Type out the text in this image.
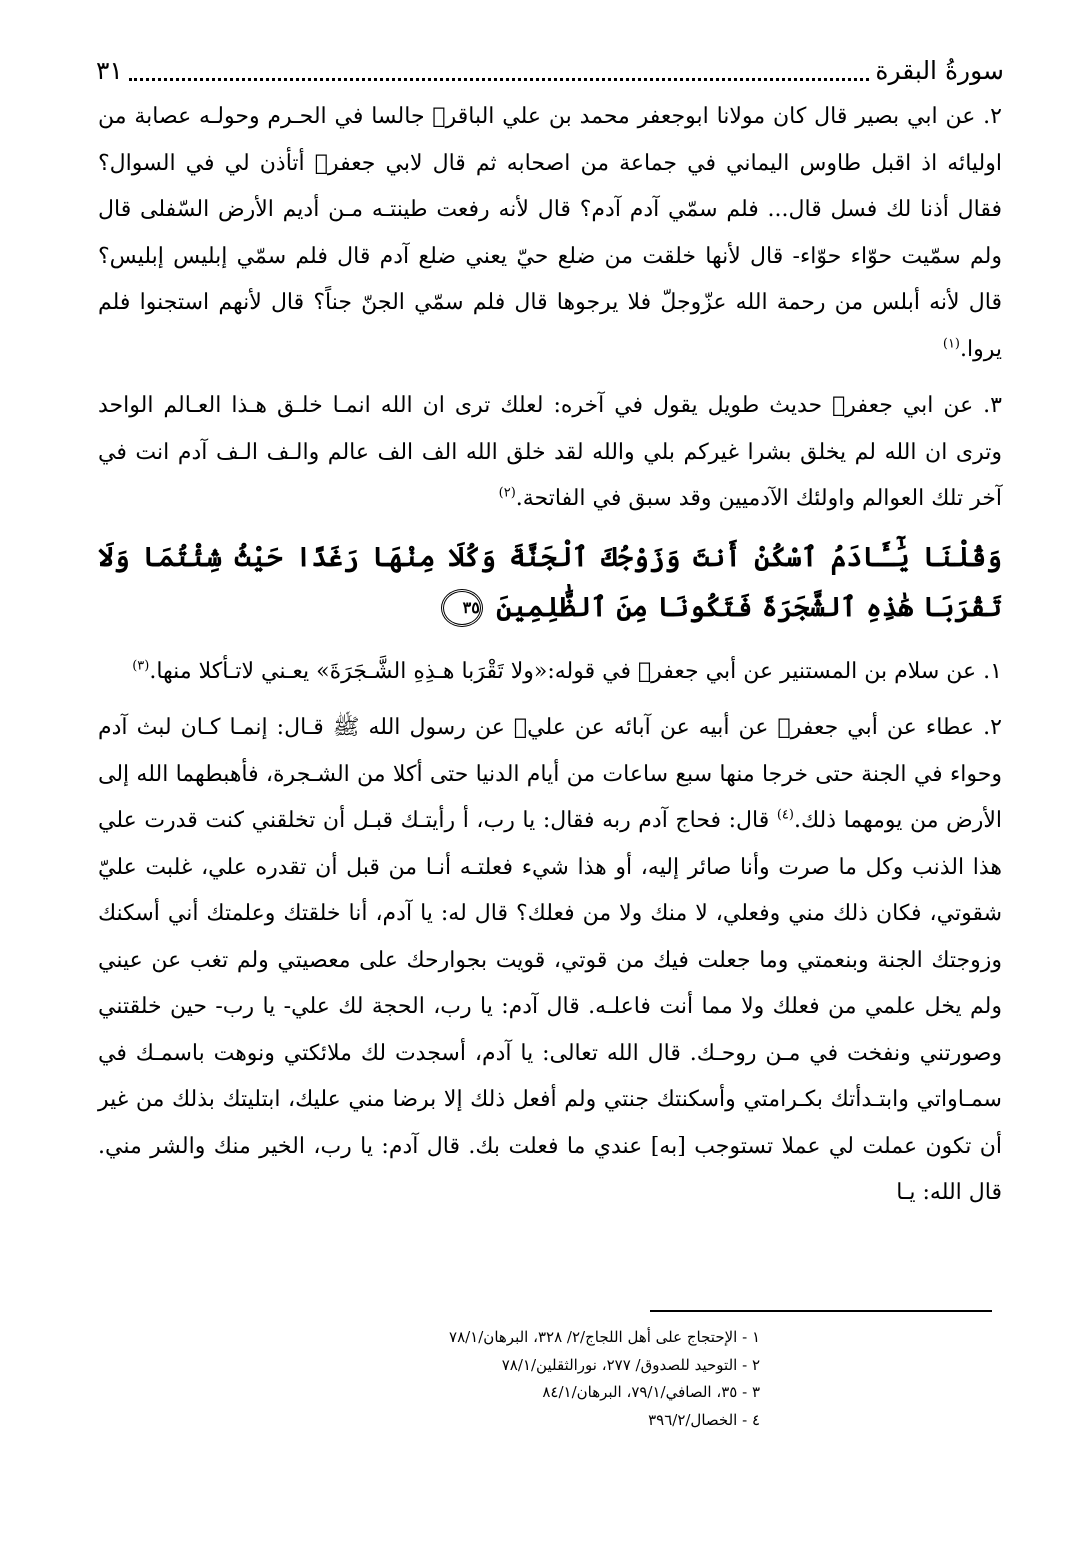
سورةُ البقرة
٣١

٢. عن ابي بصير قال كان مولانا ابوجعفر محمد بن علي الباقر﷣ جالسا في الحـرم وحولـه عصابة من اوليائه اذ اقبل طاوس اليماني في جماعة من اصحابه ثم قال لابي جعفر﷣ أتأذن لي في السوال؟ فقال أذنا لك فسل قال... فلم سمّي آدم آدم؟ قال لأنه رفعت طينتـه مـن أديم الأرض السّفلى قال ولم سمّيت حوّاء حوّاء- قال لأنها خلقت من ضلع حيّ يعني ضلع آدم قال فلم سمّي إبليس إبليس؟ قال لأنه أبلس من رحمة الله عزّوجلّ فلا يرجوها قال فلم سمّي الجنّ جناً؟ قال لأنهم استجنوا فلم يروا.$^{(١)}$

٣. عن ابي جعفر﷣ حديث طويل يقول في آخره: لعلك ترى ان الله انمـا خلـق هـذا العـالم الواحد وترى ان الله لم يخلق بشرا غيركم بلي والله لقد خلق الله الف الف عالم والـف الـف آدم انت في آخر تلك العوالم واولئك الآدميين وقد سبق في الفاتحة.$^{(٢)}$

وَقُلْنَا يَٰٓـَٔادَمُ ٱسْكُنْ أَنتَ وَزَوْجُكَ ٱلْجَنَّةَ وَكُلَا مِنْهَا رَغَدًا حَيْثُ شِئْتُمَا وَلَا تَقْرَبَا هَٰذِهِ ٱلشَّجَرَةَ فَتَكُونَا مِنَ ٱلظَّٰلِمِينَ ٣٥

١. عن سلام بن المستنير عن أبي جعفر﷣ في قوله:«ولا تَقْرَبا هـذِهِ الشَّـجَرَةَ» يعـني لاتـأكلا منها.$^{(٣)}$

٢. عطاء عن أبي جعفر﷣ عن أبيه عن آبائه عن علي﷣ عن رسول الله ﷺ قـال: إنمـا كـان لبث آدم وحواء في الجنة حتى خرجا منها سبع ساعات من أيام الدنيا حتى أكلا من الشـجرة، فأهبطهما الله إلى الأرض من يومهما ذلك.$^{(٤)}$ قال: فحاج آدم ربه فقال: يا رب، أ رأيتـك قبـل أن تخلقني كنت قدرت علي هذا الذنب وكل ما صرت وأنا صائر إليه، أو هذا شيء فعلتـه أنـا من قبل أن تقدره علي، غلبت عليّ شقوتي، فكان ذلك مني وفعلي، لا منك ولا من فعلك؟ قال له: يا آدم، أنا خلقتك وعلمتك أني أسكنك وزوجتك الجنة وبنعمتي وما جعلت فيك من قوتي، قويت بجوارحك على معصيتي ولم تغب عن عيني ولم يخل علمي من فعلك ولا مما أنت فاعلـه. قال آدم: يا رب، الحجة لك علي- يا رب- حين خلقتني وصورتني ونفخت في مـن روحـك. قال الله تعالى: يا آدم، أسجدت لك ملائكتي ونوهت باسمـك في سمـاواتي وابتـدأتك بكـرامتي وأسكنتك جنتي ولم أفعل ذلك إلا برضا مني عليك، ابتليتك بذلك من غير أن تكون عملت لي عملا تستوجب [به] عندي ما فعلت بك. قال آدم: يا رب، الخير منك والشر مني. قال الله: يـا

١ - الإحتجاج على أهل اللجاج/٢/ ٣٢٨، البرهان/٧٨/١
٢ - التوحيد للصدوق/ ٢٧٧، نورالثقلين/٧٨/١
٣ - ٣٥، الصافي/٧٩/١، البرهان/٨٤/١
٤ - الخصال/٣٩٦/٢
